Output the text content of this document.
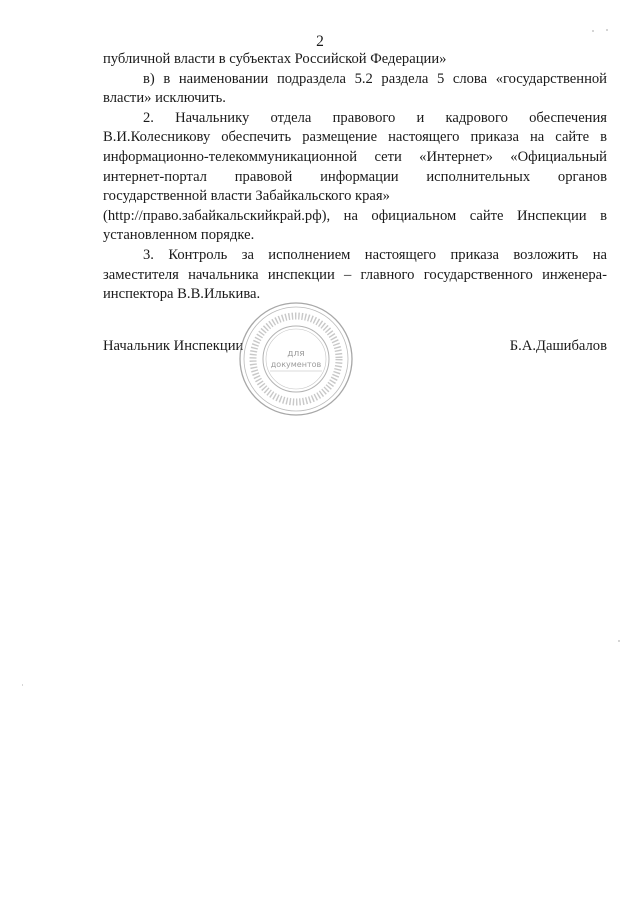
2

публичной власти в субъектах Российской Федерации»

в) в наименовании подраздела 5.2 раздела 5 слова «государственной власти» исключить.

2. Начальнику отдела правового и кадрового обеспечения В.И.Колесникову обеспечить размещение настоящего приказа на сайте в информационно-телекоммуникационной сети «Интернет» «Официальный интернет-портал правовой информации исполнительных органов государственной власти Забайкальского края»

(http://право.забайкальскийкрай.рф), на официальном сайте Инспекции в установленном порядке.

3. Контроль за исполнением настоящего приказа возложить на заместителя начальника инспекции – главного государственного инженера-инспектора В.В.Илькива.

Начальник Инспекции	Б.А.Дашибалов
для
документов
